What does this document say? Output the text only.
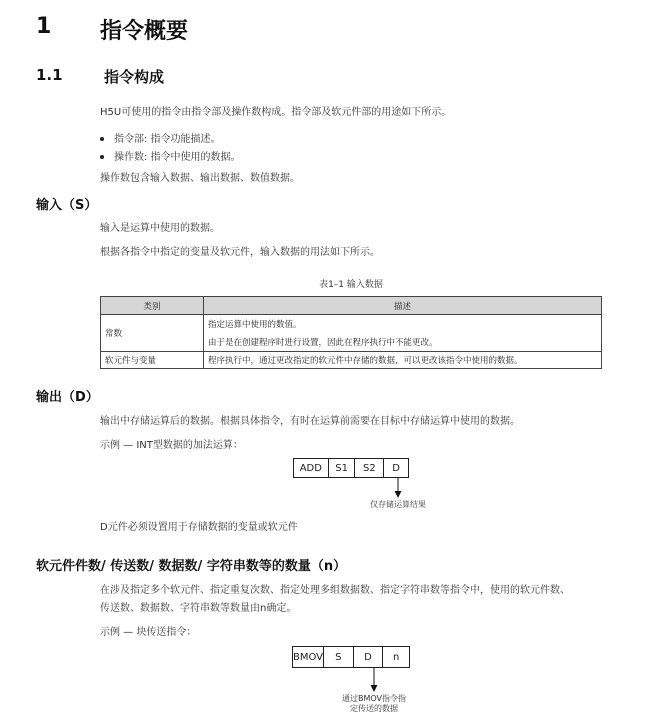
1 指令概要
1.1	指令构成
H5U可使用的指令由指令部及操作数构成。指令部及软元件部的用途如下所示。
指令部: 指令功能描述。
操作数: 指令中使用的数据。
操作数包含输入数据、输出数据、数值数据。
输入（S）
输入是运算中使用的数据。
根据各指令中指定的变量及软元件，输入数据的用法如下所示。
表1–1 输入数据
类别	描述
常数	指定运算中使用的数值。
由于是在创建程序时进行设置，因此在程序执行中不能更改。

软元件与变量	程序执行中，通过更改指定的软元件中存储的数据，可以更改该指令中使用的数据。
输出（D）
输出中存储运算后的数据。根据具体指令，有时在运算前需要在目标中存储运算中使用的数据。
示例 — INT型数据的加法运算：
ADD	S1	S2	D
仅存储运算结果
D元件必须设置用于存储数据的变量或软元件
软元件件数/ 传送数/ 数据数/ 字符串数等的数量（n）
在涉及指定多个软元件、指定重复次数、指定处理多组数据数、指定字符串数等指令中，使用的软元件数、
传送数、数据数、字符串数等数量由n确定。
示例 — 块传送指令：
BMOV	S	D	n
通过BMOV指令指
定传送的数据
